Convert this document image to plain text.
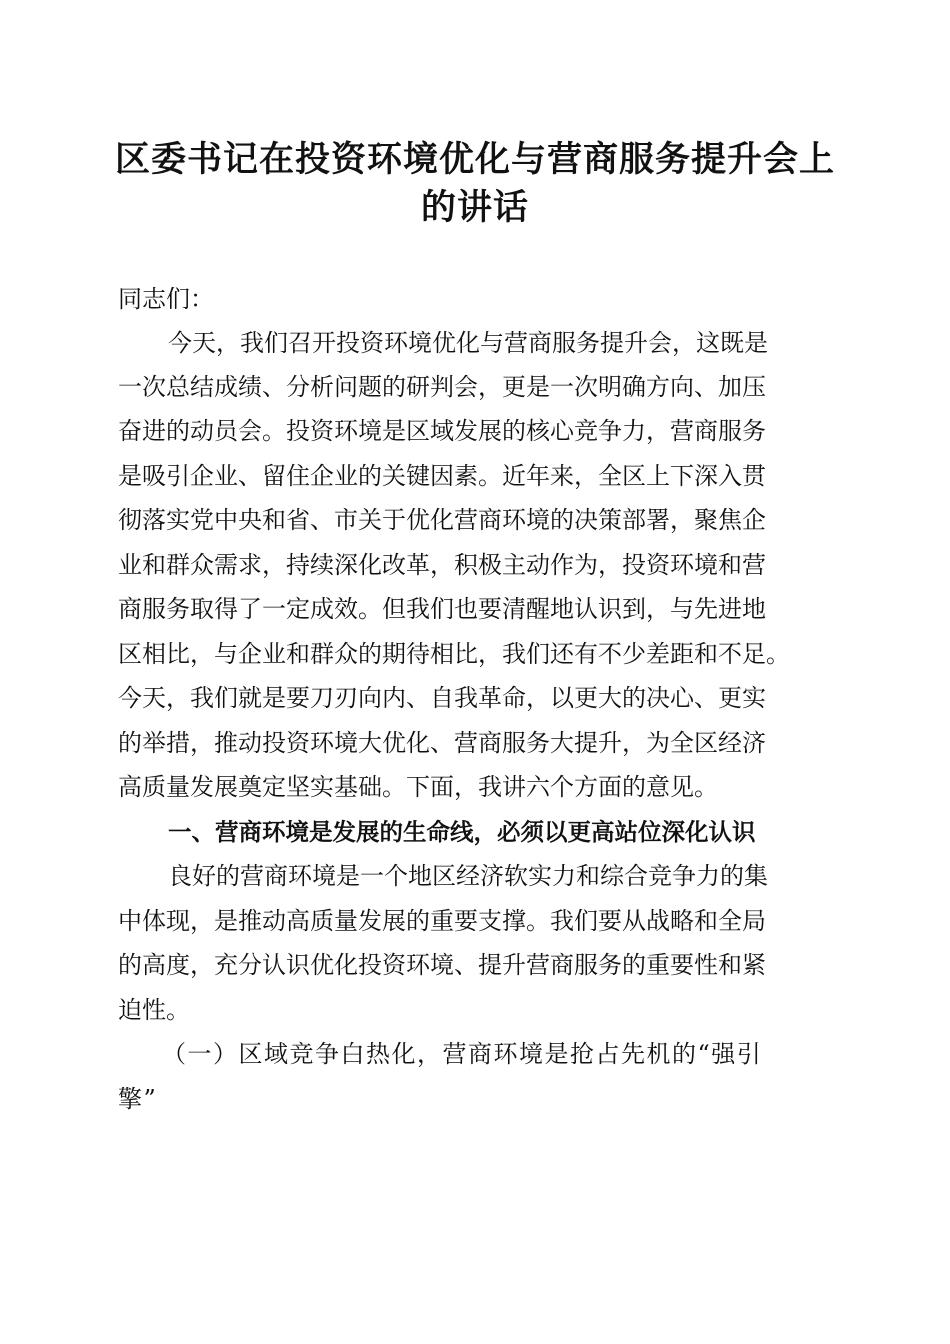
区委书记在投资环境优化与营商服务提升会上
的讲话
同志们：
今天，我们召开投资环境优化与营商服务提升会，这既是
一次总结成绩、分析问题的研判会，更是一次明确方向、加压
奋进的动员会。投资环境是区域发展的核心竞争力，营商服务
是吸引企业、留住企业的关键因素。近年来，全区上下深入贯
彻落实党中央和省、市关于优化营商环境的决策部署，聚焦企
业和群众需求，持续深化改革，积极主动作为，投资环境和营
商服务取得了一定成效。但我们也要清醒地认识到，与先进地
区相比，与企业和群众的期待相比，我们还有不少差距和不足。
今天，我们就是要刀刃向内、自我革命，以更大的决心、更实
的举措，推动投资环境大优化、营商服务大提升，为全区经济
高质量发展奠定坚实基础。下面，我讲六个方面的意见。
一、营商环境是发展的生命线，必须以更高站位深化认识
良好的营商环境是一个地区经济软实力和综合竞争力的集
中体现，是推动高质量发展的重要支撑。我们要从战略和全局
的高度，充分认识优化投资环境、提升营商服务的重要性和紧
迫性。
（一）区域竞争白热化，营商环境是抢占先机的“强引
擎”
